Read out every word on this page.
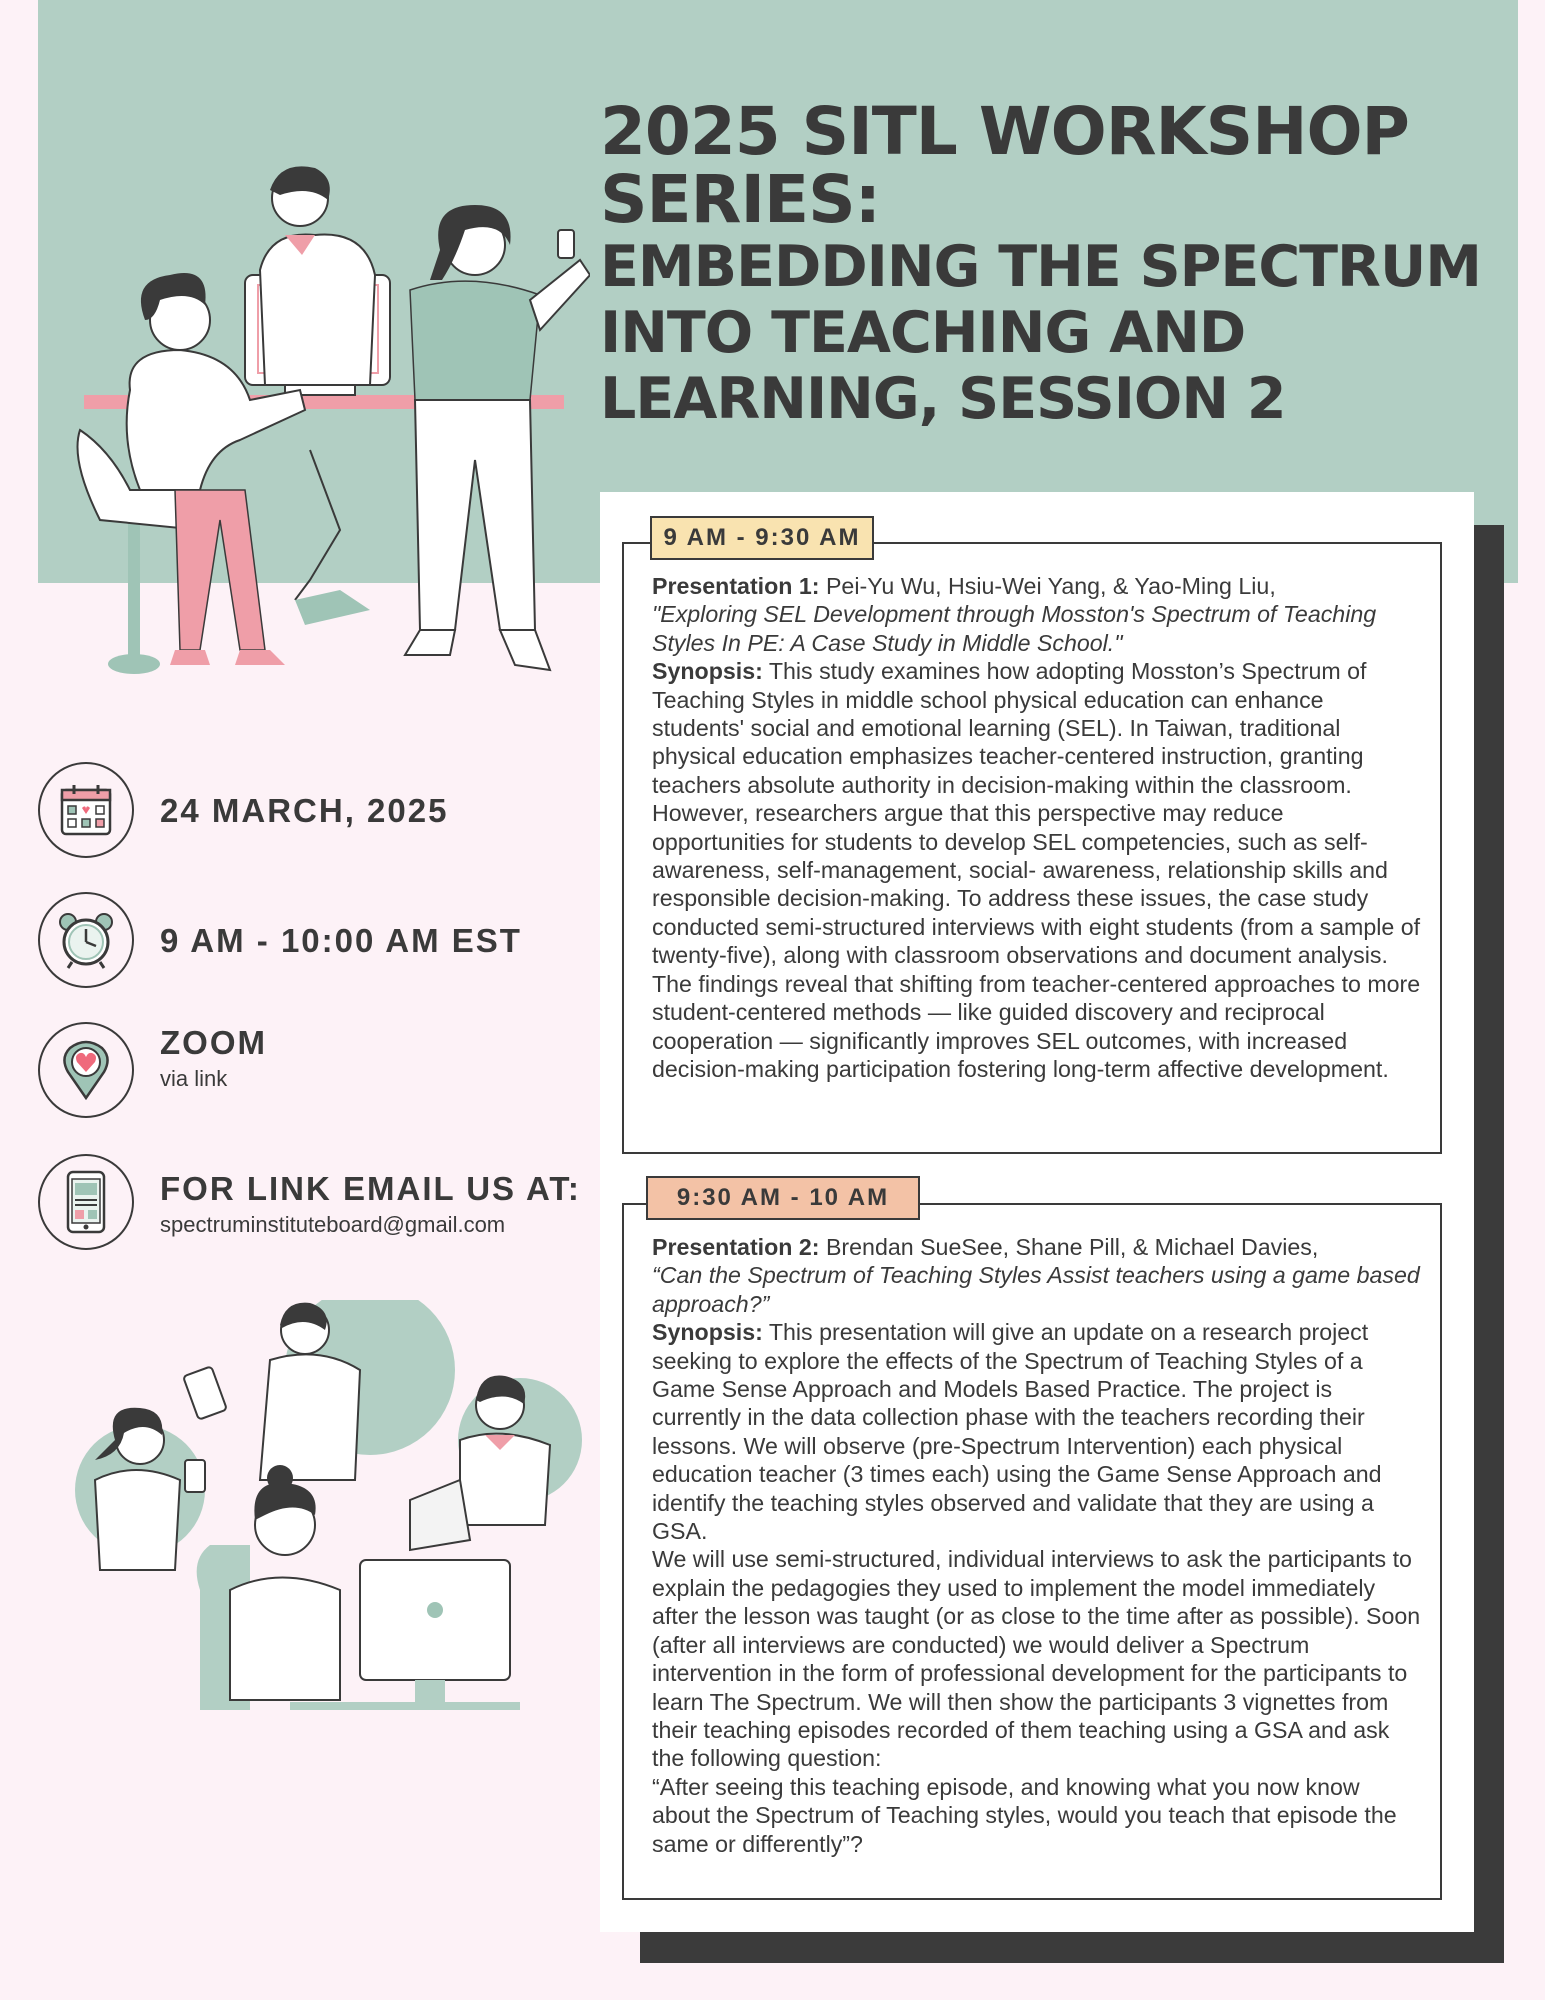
2025 SITL WORKSHOP
SERIES:
EMBEDDING THE SPECTRUM
INTO TEACHING AND
LEARNING, SESSION 2
24 MARCH, 2025
9 AM - 10:00 AM EST
ZOOM
via link
FOR LINK EMAIL US AT:
spectruminstituteboard@gmail.com

Presentation 1: Pei-Yu Wu, Hsiu-Wei Yang, & Yao-Ming Liu,

"Exploring SEL Development through Mosston's Spectrum of Teaching Styles In PE: A Case Study in Middle School."

Synopsis: This study examines how adopting Mosston’s Spectrum of Teaching Styles in middle school physical education can enhance students' social and emotional learning (SEL). In Taiwan, traditional physical education emphasizes teacher-centered instruction, granting teachers absolute authority in decision-making within the classroom. However, researchers argue that this perspective may reduce opportunities for students to develop SEL competencies, such as self-awareness, self-management, social- awareness, relationship skills and responsible decision-making. To address these issues, the case study conducted semi-structured interviews with eight students (from a sample of twenty-five), along with classroom observations and document analysis. The findings reveal that shifting from teacher-centered approaches to more student-centered methods — like guided discovery and reciprocal cooperation — significantly improves SEL outcomes, with increased decision-making participation fostering long-term affective development.

9 AM - 9:30 AM

Presentation 2: Brendan SueSee, Shane Pill, & Michael Davies,

“Can the Spectrum of Teaching Styles Assist teachers using a game based approach?”

Synopsis: This presentation will give an update on a research project seeking to explore the effects of the Spectrum of Teaching Styles of a Game Sense Approach and Models Based Practice. The project is currently in the data collection phase with the teachers recording their lessons. We will observe (pre-Spectrum Intervention) each physical education teacher (3 times each) using the Game Sense Approach and identify the teaching styles observed and validate that they are using a GSA.

We will use semi-structured, individual interviews to ask the participants to explain the pedagogies they used to implement the model immediately after the lesson was taught (or as close to the time after as possible). Soon (after all interviews are conducted) we would deliver a Spectrum intervention in the form of professional development for the participants to learn The Spectrum. We will then show the participants 3 vignettes from their teaching episodes recorded of them teaching using a GSA and ask the following question:

“After seeing this teaching episode, and knowing what you now know about the Spectrum of Teaching styles, would you teach that episode the same or differently”?

9:30 AM - 10 AM
